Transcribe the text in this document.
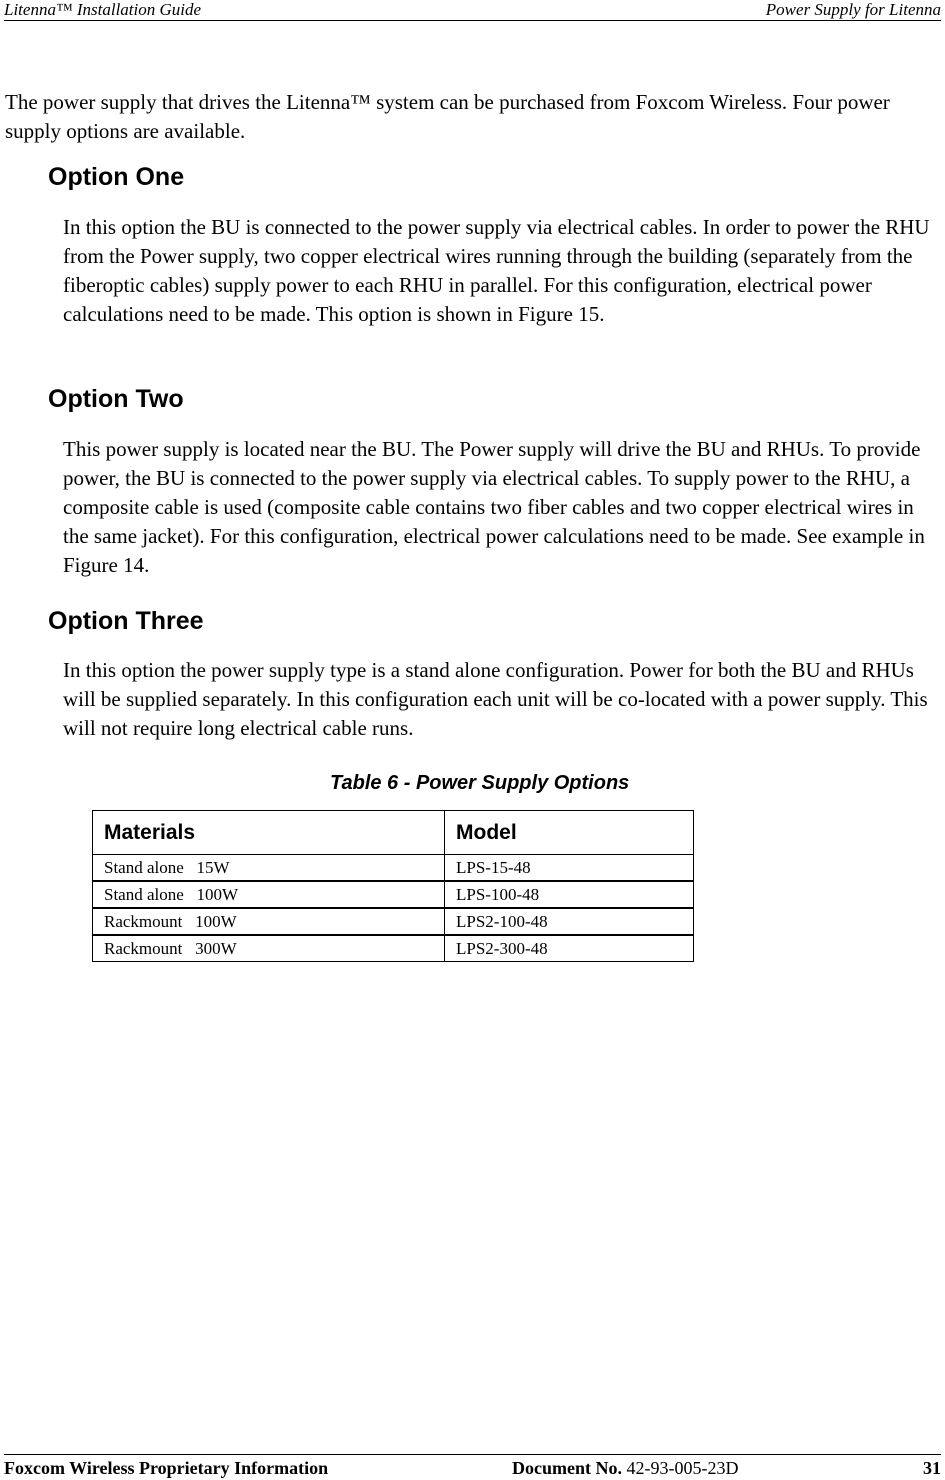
Litenna™ Installation Guide	Power Supply for Litenna

The power supply that drives the Litenna™ system can be purchased from Foxcom Wireless. Four power supply options are available.

Option One

In this option the BU is connected to the power supply via electrical cables. In order to power the RHU from the Power supply, two copper electrical wires running through the building (separately from the fiberoptic cables) supply power to each RHU in parallel. For this configuration, electrical power calculations need to be made. This option is shown in Figure 15.

Option Two

This power supply is located near the BU. The Power supply will drive the BU and RHUs. To provide power, the BU is connected to the power supply via electrical cables. To supply power to the RHU, a composite cable is used (composite cable contains two fiber cables and two copper electrical wires in the same jacket). For this configuration, electrical power calculations need to be made. See example in Figure 14.

Option Three

In this option the power supply type is a stand alone configuration. Power for both the BU and RHUs will be supplied separately. In this configuration each unit will be co-located with a power supply. This will not require long electrical cable runs.

Table 6 - Power Supply Options

Materials	Model
Stand alone   15W	LPS-15-48
Stand alone   100W	LPS-100-48
Rackmount   100W	LPS2-100-48
Rackmount   300W	LPS2-300-48
Foxcom Wireless Proprietary Information	Document No. 42-93-005-23D	31
